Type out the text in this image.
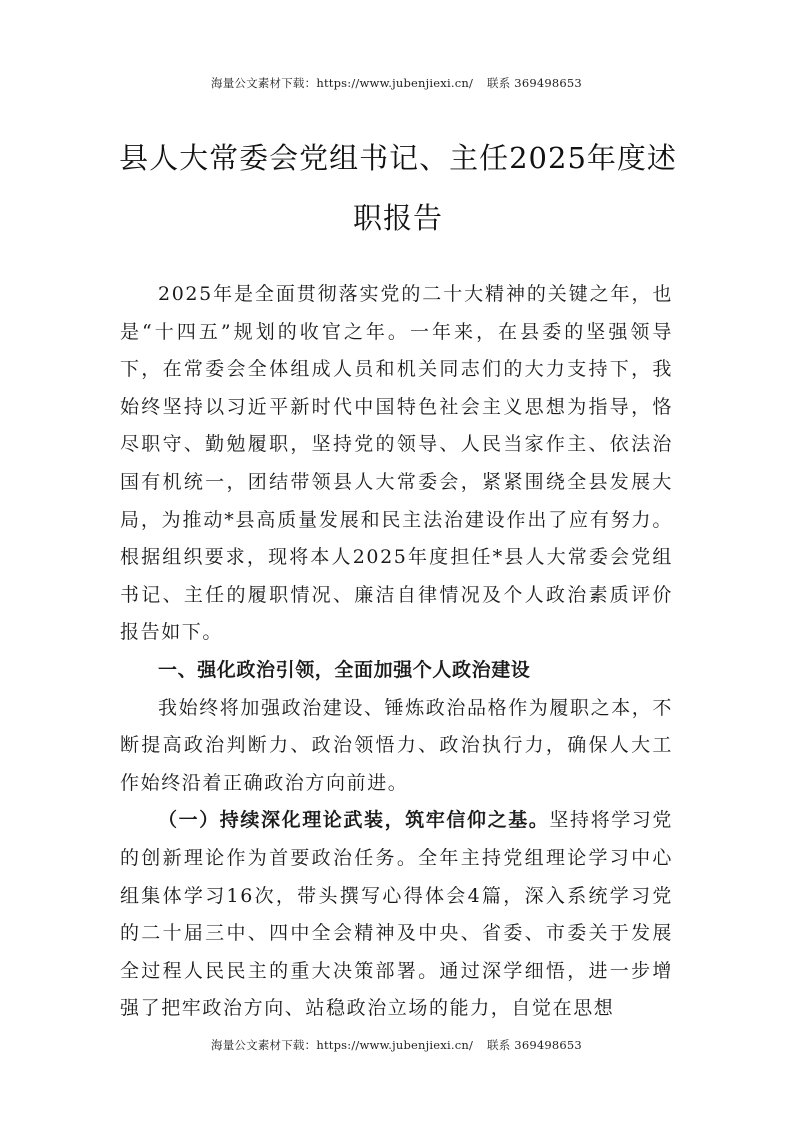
海量公文素材下载：https://www.jubenjiexi.cn/ 联系 369498653
县人大常委会党组书记、主任2025年度述
职报告

2025年是全面贯彻落实党的二十大精神的关键之年，也是“十四五”规划的收官之年。一年来，在县委的坚强领导下，在常委会全体组成人员和机关同志们的大力支持下，我始终坚持以习近平新时代中国特色社会主义思想为指导，恪尽职守、勤勉履职，坚持党的领导、人民当家作主、依法治国有机统一，团结带领县人大常委会，紧紧围绕全县发展大局，为推动*县高质量发展和民主法治建设作出了应有努力。根据组织要求，现将本人2025年度担任*县人大常委会党组书记、主任的履职情况、廉洁自律情况及个人政治素质评价报告如下。

一、强化政治引领，全面加强个人政治建设

我始终将加强政治建设、锤炼政治品格作为履职之本，不断提高政治判断力、政治领悟力、政治执行力，确保人大工作始终沿着正确政治方向前进。

（一）持续深化理论武装，筑牢信仰之基。坚持将学习党的创新理论作为首要政治任务。全年主持党组理论学习中心组集体学习16次，带头撰写心得体会4篇，深入系统学习党的二十届三中、四中全会精神及中央、省委、市委关于发展全过程人民民主的重大决策部署。通过深学细悟，进一步增强了把牢政治方向、站稳政治立场的能力，自觉在思想

海量公文素材下载：https://www.jubenjiexi.cn/ 联系 369498653
